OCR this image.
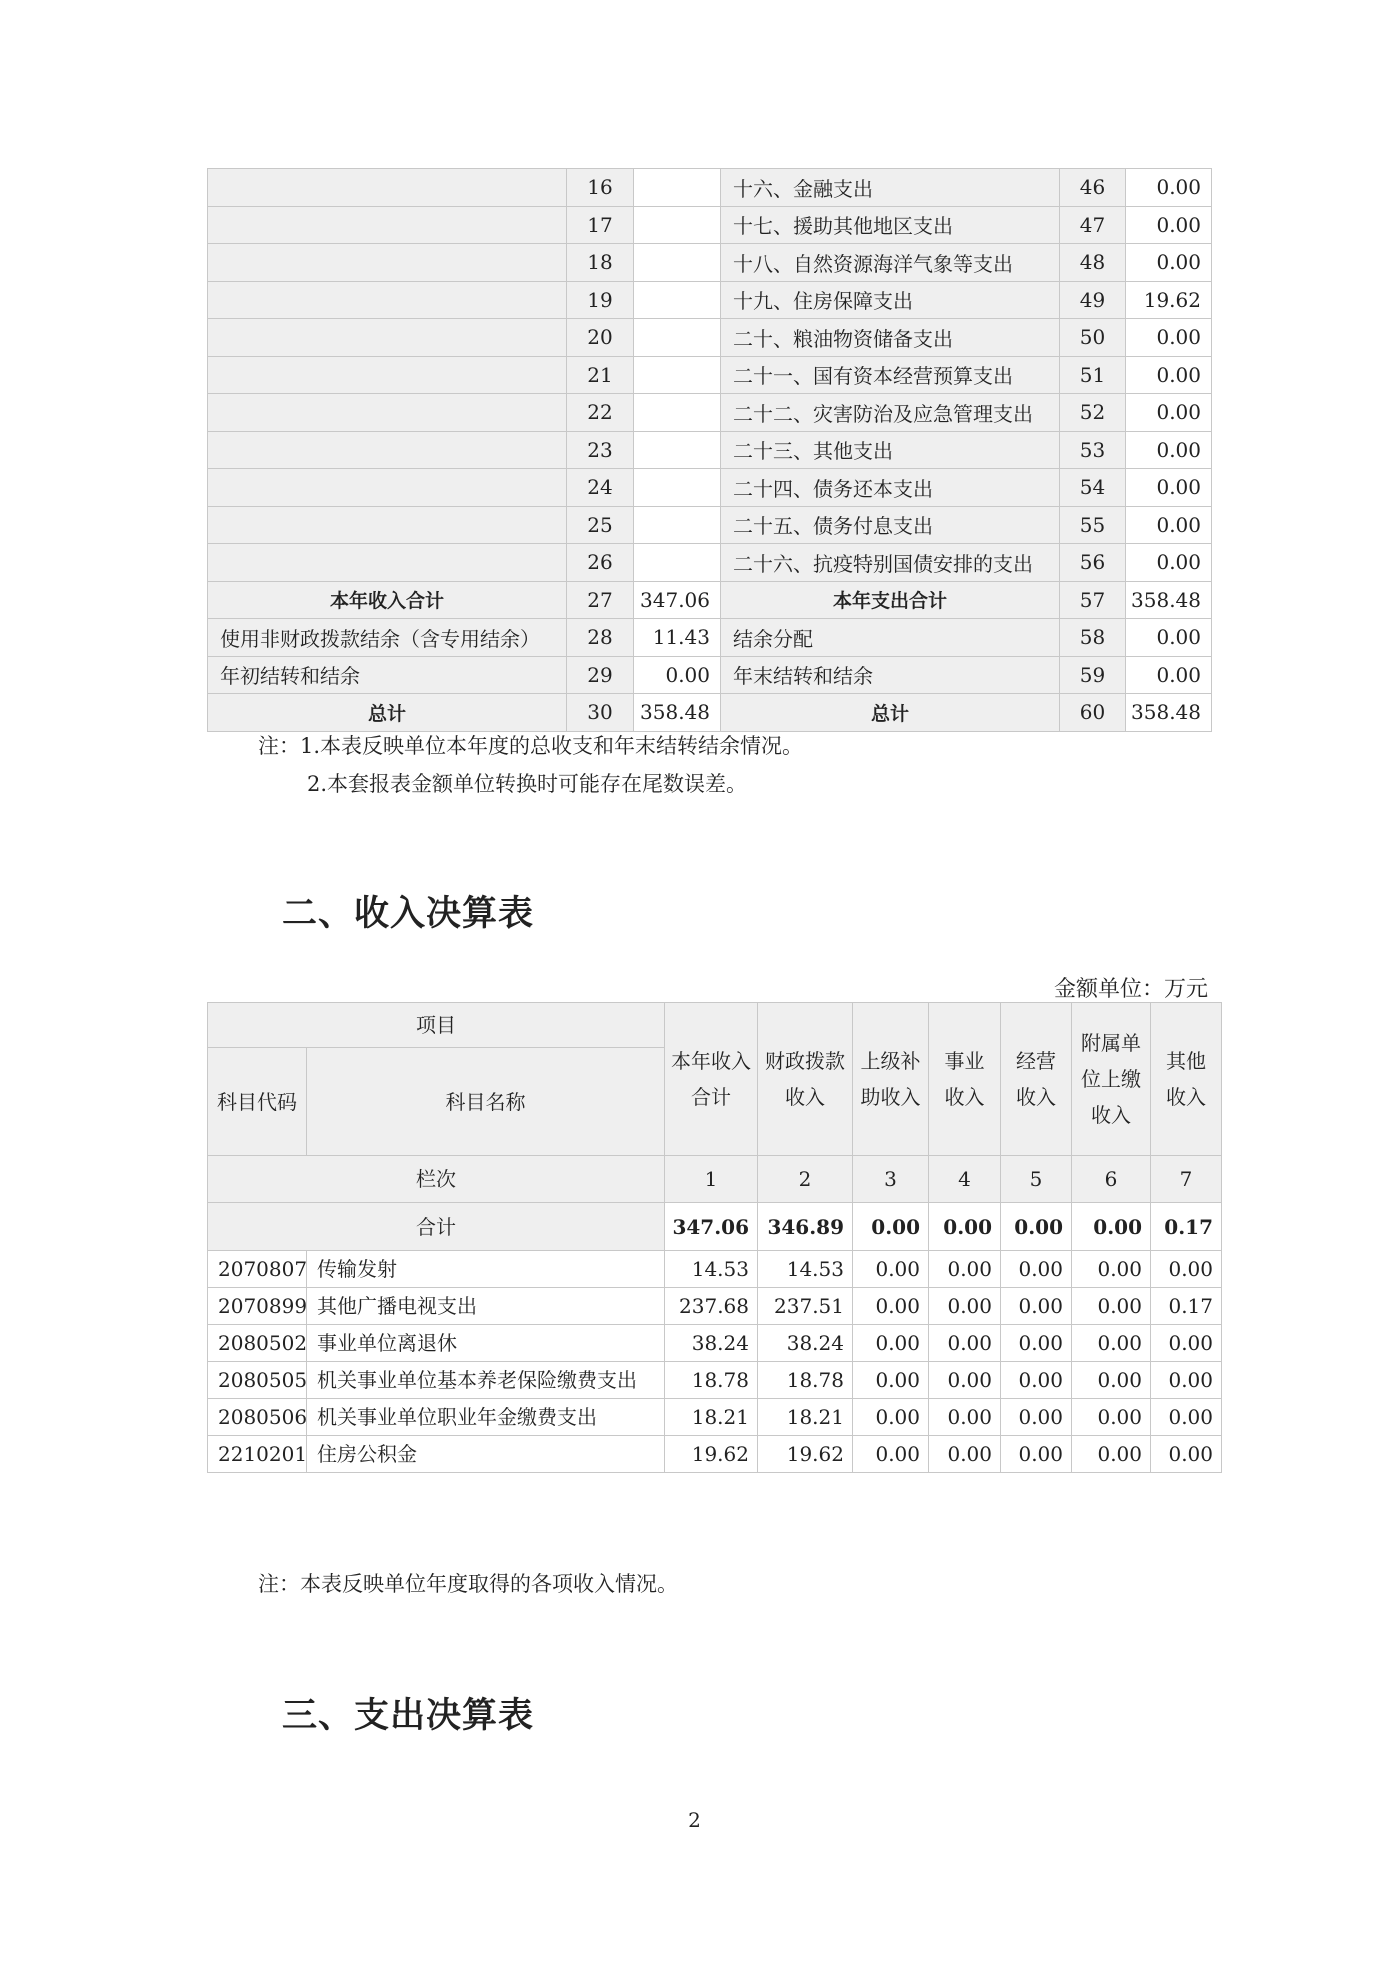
	16		十六、金融支出	46	0.00
	17		十七、援助其他地区支出	47	0.00
	18		十八、自然资源海洋气象等支出	48	0.00
	19		十九、住房保障支出	49	19.62
	20		二十、粮油物资储备支出	50	0.00
	21		二十一、国有资本经营预算支出	51	0.00
	22		二十二、灾害防治及应急管理支出	52	0.00
	23		二十三、其他支出	53	0.00
	24		二十四、债务还本支出	54	0.00
	25		二十五、债务付息支出	55	0.00
	26		二十六、抗疫特别国债安排的支出	56	0.00
本年收入合计	27	347.06	本年支出合计	57	358.48
使用非财政拨款结余（含专用结余）	28	11.43	结余分配	58	0.00
年初结转和结余	29	0.00	年末结转和结余	59	0.00
总计	30	358.48	总计	60	358.48
注：1.本表反映单位本年度的总收支和年末结转结余情况。
2.本套报表金额单位转换时可能存在尾数误差。
二、收入决算表
金额单位：万元
项目		本年收入合计	财政拨款收入	上级补助收入	事业收入	经营收入	附属单位上缴收入	其他收入
科目代码	科目名称							
栏次		1	2	3	4	5	6	7
合计		347.06	346.89	0.00	0.00	0.00	0.00	0.17
2070807	传输发射	14.53	14.53	0.00	0.00	0.00	0.00	0.00
2070899	其他广播电视支出	237.68	237.51	0.00	0.00	0.00	0.00	0.17
2080502	事业单位离退休	38.24	38.24	0.00	0.00	0.00	0.00	0.00
2080505	机关事业单位基本养老保险缴费支出	18.78	18.78	0.00	0.00	0.00	0.00	0.00
2080506	机关事业单位职业年金缴费支出	18.21	18.21	0.00	0.00	0.00	0.00	0.00
2210201	住房公积金	19.62	19.62	0.00	0.00	0.00	0.00	0.00
注：本表反映单位年度取得的各项收入情况。
三、支出决算表
2
